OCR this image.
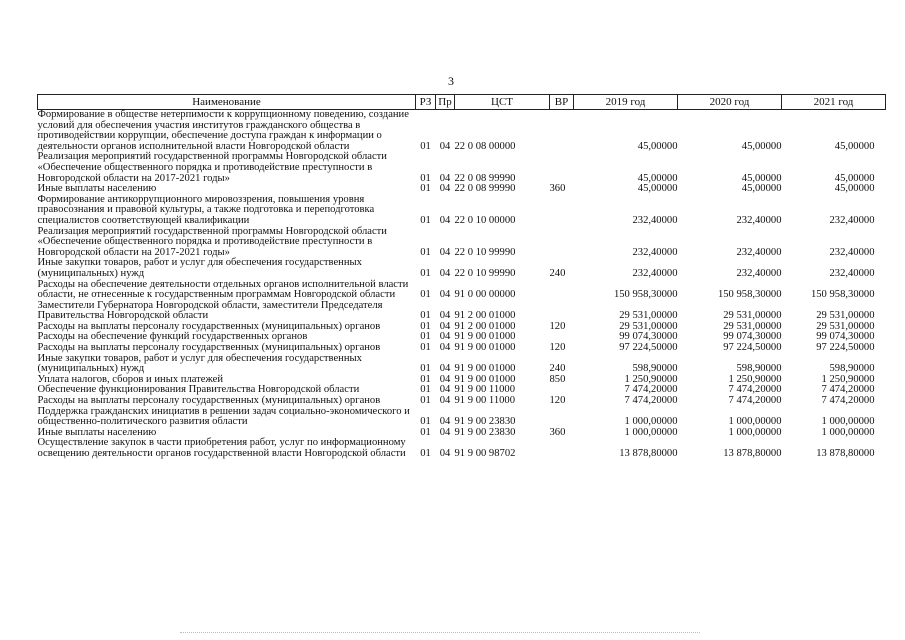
3
Наименование	РЗ	Пр	ЦСТ	ВР	2019 год	2020 год	2021 год
Формирование в обществе нетерпимости к коррупционному поведению, создание условий для обеспечения участия институтов гражданского общества в противодействии коррупции, обеспечение доступа граждан к информации о деятельности органов исполнительной власти Новгородской области	01	04	22 0 08 00000		45,00000	45,00000	45,00000
Реализация мероприятий государственной программы Новгородской области «Обеспечение общественного порядка и противодействие преступности в Новгородской области на 2017-2021 годы»	01	04	22 0 08 99990		45,00000	45,00000	45,00000
Иные выплаты населению	01	04	22 0 08 99990	360	45,00000	45,00000	45,00000
Формирование антикоррупционного мировоззрения, повышения уровня правосознания и правовой культуры, а также подготовка и переподготовка специалистов соответствующей квалификации	01	04	22 0 10 00000		232,40000	232,40000	232,40000
Реализация мероприятий государственной программы Новгородской области «Обеспечение общественного порядка и противодействие преступности в Новгородской области на 2017-2021 годы»	01	04	22 0 10 99990		232,40000	232,40000	232,40000
Иные закупки товаров, работ и услуг для обеспечения государственных (муниципальных) нужд	01	04	22 0 10 99990	240	232,40000	232,40000	232,40000
Расходы на обеспечение деятельности отдельных органов исполнительной власти области, не отнесенные к государственным программам Новгородской области	01	04	91 0 00 00000		150 958,30000	150 958,30000	150 958,30000
Заместители Губернатора Новгородской области, заместители Председателя Правительства Новгородской области	01	04	91 2 00 01000		29 531,00000	29 531,00000	29 531,00000
Расходы на выплаты персоналу государственных (муниципальных) органов	01	04	91 2 00 01000	120	29 531,00000	29 531,00000	29 531,00000
Расходы на обеспечение функций государственных органов	01	04	91 9 00 01000		99 074,30000	99 074,30000	99 074,30000
Расходы на выплаты персоналу государственных (муниципальных) органов	01	04	91 9 00 01000	120	97 224,50000	97 224,50000	97 224,50000
Иные закупки товаров, работ и услуг для обеспечения государственных (муниципальных) нужд	01	04	91 9 00 01000	240	598,90000	598,90000	598,90000
Уплата налогов, сборов и иных платежей	01	04	91 9 00 01000	850	1 250,90000	1 250,90000	1 250,90000
Обеспечение функционирования Правительства Новгородской области	01	04	91 9 00 11000		7 474,20000	7 474,20000	7 474,20000
Расходы на выплаты персоналу государственных (муниципальных) органов	01	04	91 9 00 11000	120	7 474,20000	7 474,20000	7 474,20000
Поддержка гражданских инициатив в решении задач социально-экономического и общественно-политического развития области	01	04	91 9 00 23830		1 000,00000	1 000,00000	1 000,00000
Иные выплаты населению	01	04	91 9 00 23830	360	1 000,00000	1 000,00000	1 000,00000
Осуществление закупок в части приобретения работ, услуг по информационному освещению деятельности органов государственной власти Новгородской области	01	04	91 9 00 98702		13 878,80000	13 878,80000	13 878,80000
